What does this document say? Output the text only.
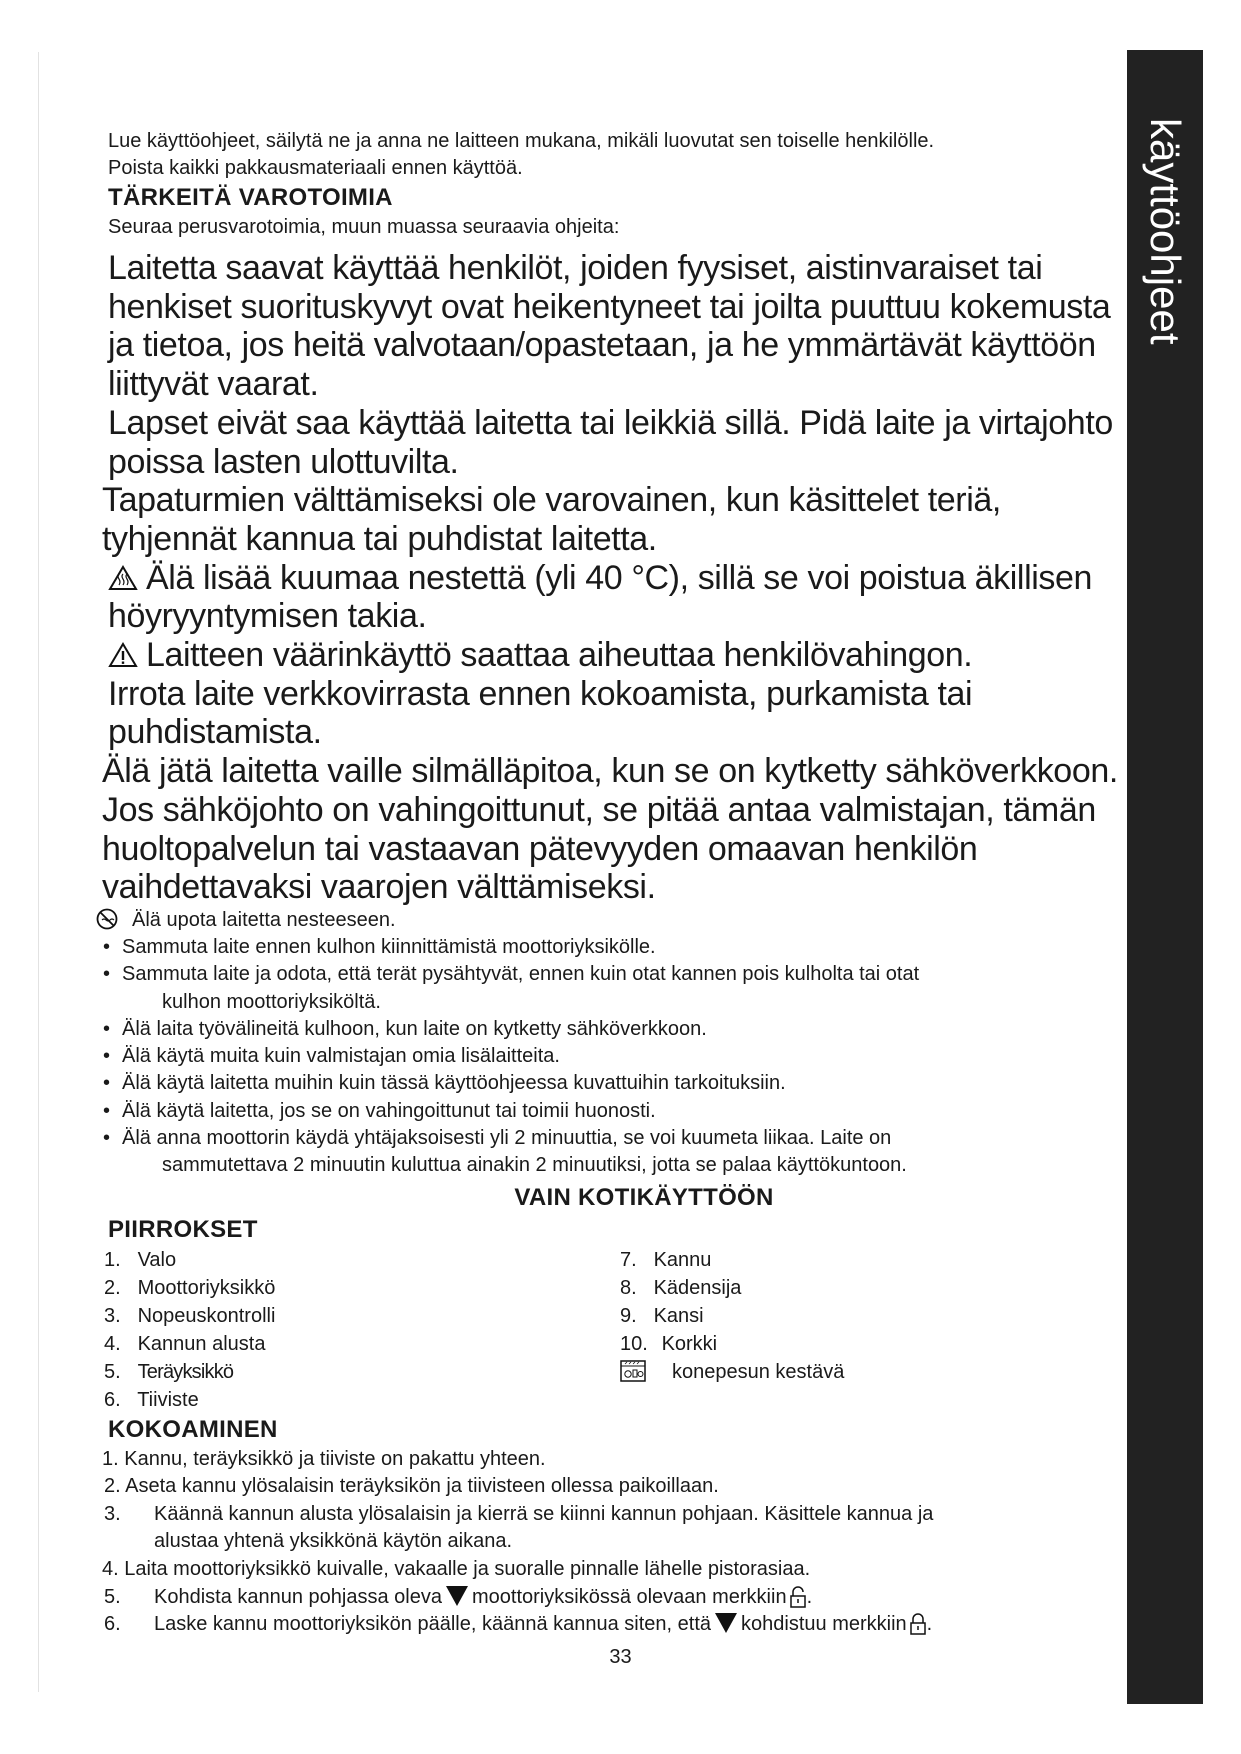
käyttöohjeet

Lue käyttöohjeet, säilytä ne ja anna ne laitteen mukana, mikäli luovutat sen toiselle henkilölle.

Poista kaikki pakkausmateriaali ennen käyttöä.

TÄRKEITÄ VAROTOIMIA

Seuraa perusvarotoimia, muun muassa seuraavia ohjeita:

Laitetta saavat käyttää henkilöt, joiden fyysiset, aistinvaraiset tai henkiset suorituskyvyt ovat heikentyneet tai joilta puuttuu kokemusta ja tietoa, jos heitä valvotaan/opastetaan, ja he ymmärtävät käyttöön liittyvät vaarat.

Lapset eivät saa käyttää laitetta tai leikkiä sillä. Pidä laite ja virtajohto poissa lasten ulottuvilta.

Tapaturmien välttämiseksi ole varovainen, kun käsittelet teriä, tyhjennät kannua tai puhdistat laitetta.

Älä lisää kuumaa nestettä (yli 40 °C), sillä se voi poistua äkillisen höyryyntymisen takia.

Laitteen väärinkäyttö saattaa aiheuttaa henkilövahingon.

Irrota laite verkkovirrasta ennen kokoamista, purkamista tai puhdistamista.

Älä jätä laitetta vaille silmälläpitoa, kun se on kytketty sähköverkkoon.

Jos sähköjohto on vahingoittunut, se pitää antaa valmistajan, tämän huoltopalvelun tai vastaavan pätevyyden omaavan henkilön vaihdettavaksi vaarojen välttämiseksi.

Älä upota laitetta nesteeseen.

• Sammuta laite ennen kulhon kiinnittämistä moottoriyksikölle.
• Sammuta laite ja odota, että terät pysähtyvät, ennen kuin otat kannen pois kulholta tai otat
kulhon moottoriyksiköltä.
• Älä laita työvälineitä kulhoon, kun laite on kytketty sähköverkkoon.
• Älä käytä muita kuin valmistajan omia lisälaitteita.
• Älä käytä laitetta muihin kuin tässä käyttöohjeessa kuvattuihin tarkoituksiin.
• Älä käytä laitetta, jos se on vahingoittunut tai toimii huonosti.
• Älä anna moottorin käydä yhtäjaksoisesti yli 2 minuuttia, se voi kuumeta liikaa. Laite on
sammutettava 2 minuutin kuluttua ainakin 2 minuutiksi, jotta se palaa käyttökuntoon.

VAIN KOTIKÄYTTÖÖN

PIIRROKSET

1. Valo
2. Moottoriyksikkö
3. Nopeuskontrolli
4. Kannun alusta
5. Teräyksikkö
6. Tiiviste
7. Kannu
8. Kädensija
9. Kansi
10. Korkki
konepesun kestävä

KOKOAMINEN

1. Kannu, teräyksikkö ja tiiviste on pakattu yhteen.
2. Aseta kannu ylösalaisin teräyksikön ja tiivisteen ollessa paikoillaan.
3. Käännä kannun alusta ylösalaisin ja kierrä se kiinni kannun pohjaan. Käsittele kannua ja
alustaa yhtenä yksikkönä käytön aikana.
4. Laita moottoriyksikkö kuivalle, vakaalle ja suoralle pinnalle lähelle pistorasiaa.
5. Kohdista kannun pohjassa oleva moottoriyksikössä olevaan merkkiin .
6. Laske kannu moottoriyksikön päälle, käännä kannua siten, että kohdistuu merkkiin .
33
